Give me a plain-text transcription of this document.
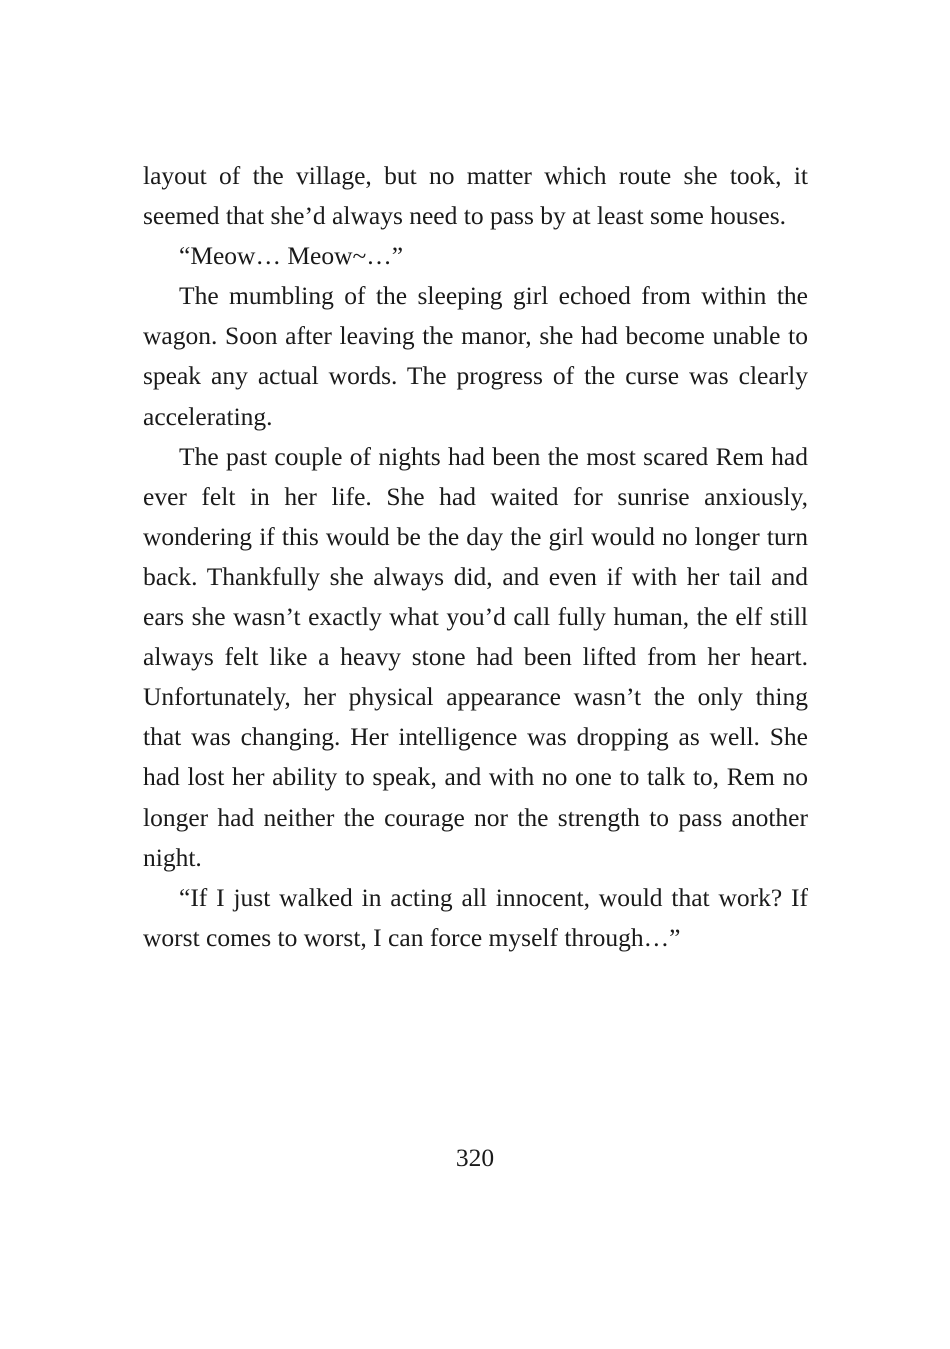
layout of the village, but no matter which route she took, it seemed that she’d always need to pass by at least some houses.

“Meow… Meow~…”

The mumbling of the sleeping girl echoed from within the wagon. Soon after leaving the manor, she had become unable to speak any actual words. The progress of the curse was clearly accelerating.

The past couple of nights had been the most scared Rem had ever felt in her life. She had waited for sunrise anxiously, wondering if this would be the day the girl would no longer turn back. Thankfully she always did, and even if with her tail and ears she wasn’t exactly what you’d call fully human, the elf still always felt like a heavy stone had been lifted from her heart. Unfortunately, her physical appearance wasn’t the only thing that was changing. Her intelligence was dropping as well. She had lost her ability to speak, and with no one to talk to, Rem no longer had neither the courage nor the strength to pass another night.

“If I just walked in acting all innocent, would that work? If worst comes to worst, I can force myself through…”

320
